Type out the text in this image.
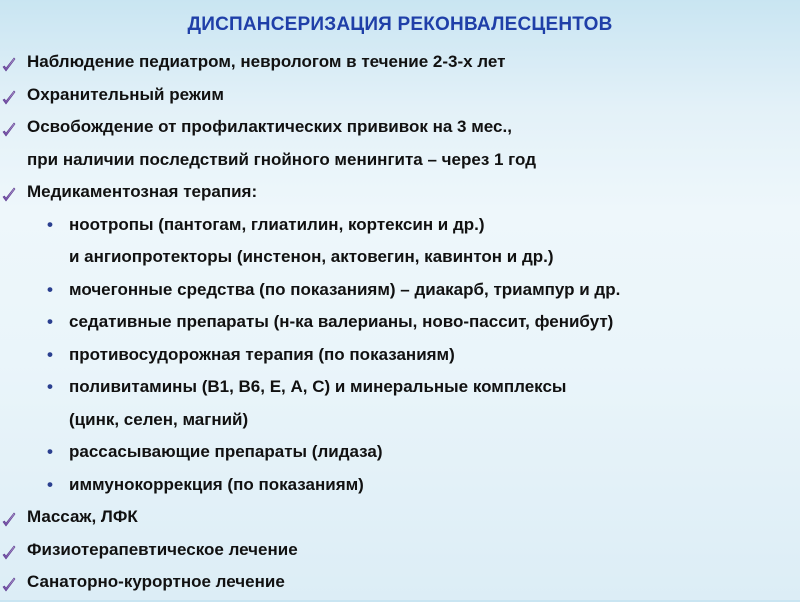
ДИСПАНСЕРИЗАЦИЯ РЕКОНВАЛЕСЦЕНТОВ
Наблюдение педиатром, неврологом в течение 2-3-х лет
Охранительный режим
Освобождение от профилактических прививок на 3 мес.,
при наличии последствий гнойного менингита – через 1 год
Медикаментозная терапия:
• ноотропы (пантогам, глиатилин, кортексин и др.)
и ангиопротекторы (инстенон, актовегин, кавинтон и др.)
• мочегонные средства (по показаниям) – диакарб, триампур и др.
• седативные препараты (н-ка валерианы, ново-пассит, фенибут)
• противосудорожная терапия (по показаниям)
• поливитамины (В1, В6, Е, А, С) и минеральные комплексы
(цинк, селен, магний)
• рассасывающие препараты (лидаза)
• иммунокоррекция (по показаниям)
Массаж, ЛФК
Физиотерапевтическое лечение
Санаторно-курортное лечение
